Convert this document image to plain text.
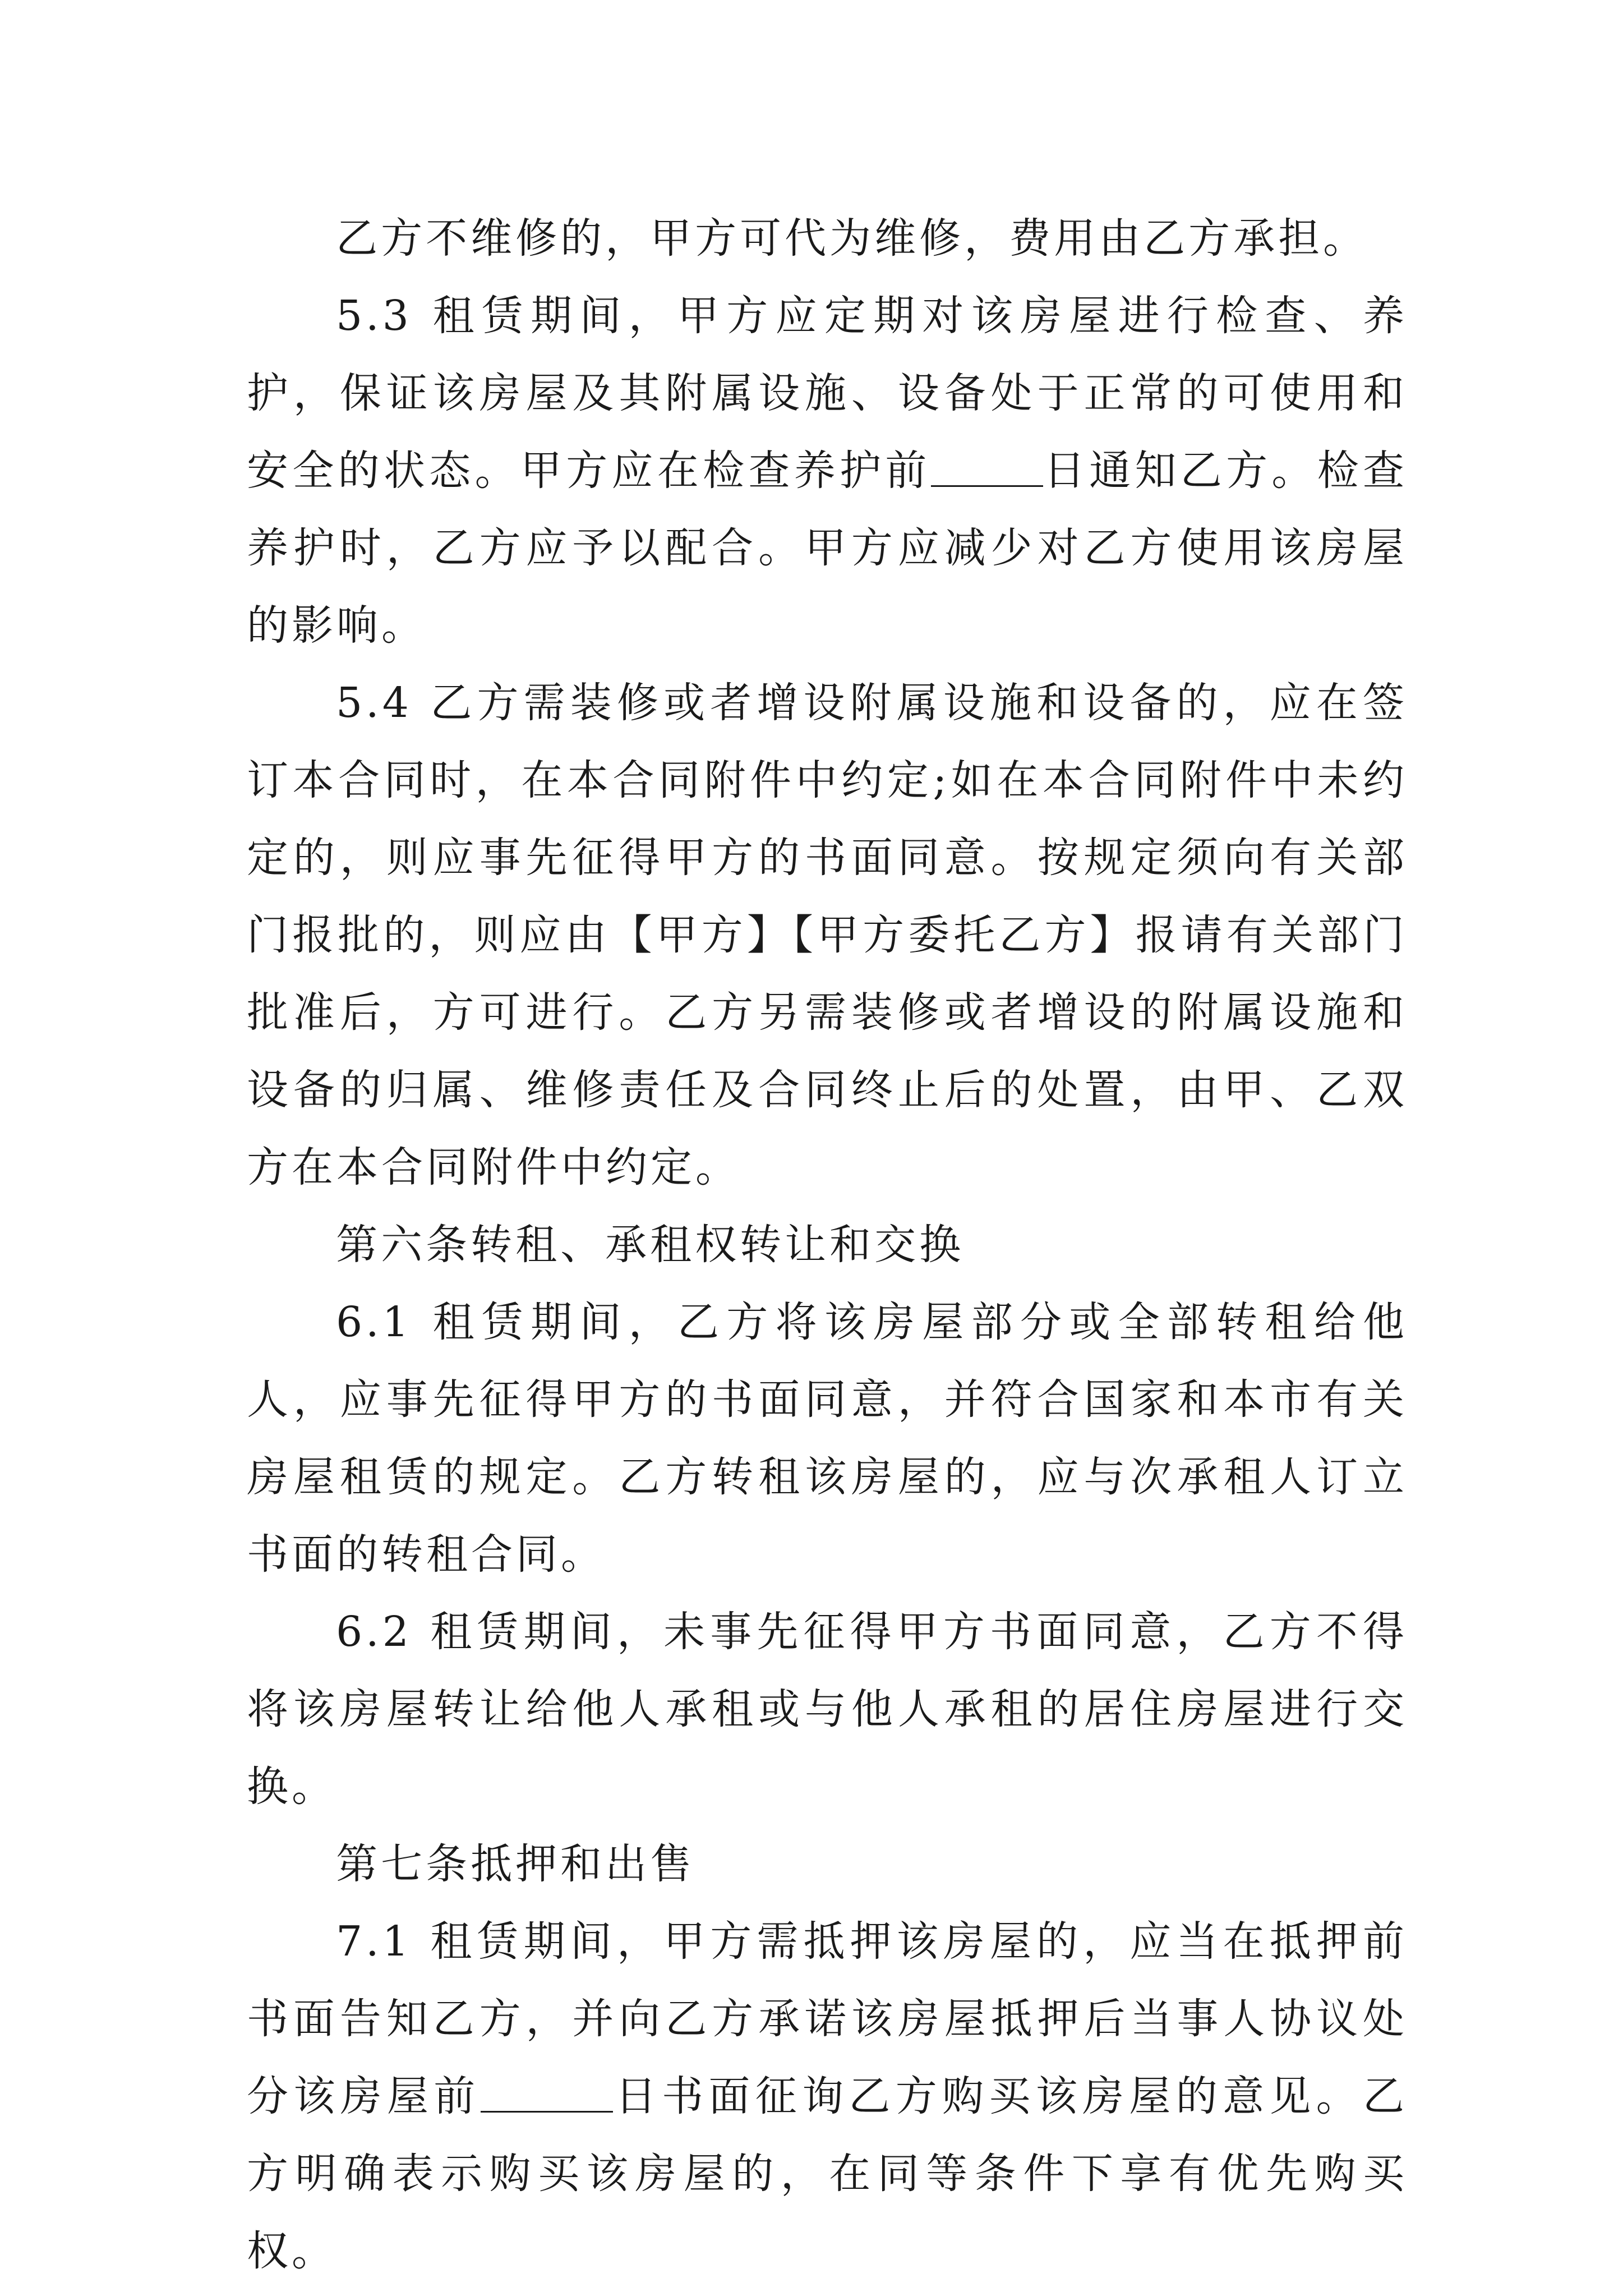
乙方不维修的，甲方可代为维修，费用由乙方承担。

5.3 租赁期间，甲方应定期对该房屋进行检查、养护，保证该房屋及其附属设施、设备处于正常的可使用和安全的状态。甲方应在检查养护前	日通知乙方。检查养护时，乙方应予以配合。甲方应减少对乙方使用该房屋的影响。

5.4 乙方需装修或者增设附属设施和设备的，应在签订本合同时，在本合同附件中约定;如在本合同附件中未约定的，则应事先征得甲方的书面同意。按规定须向有关部门报批的，则应由【甲方】【甲方委托乙方】报请有关部门批准后，方可进行。乙方另需装修或者增设的附属设施和设备的归属、维修责任及合同终止后的处置，由甲、乙双方在本合同附件中约定。

第六条转租、承租权转让和交换

6.1 租赁期间，乙方将该房屋部分或全部转租给他人，应事先征得甲方的书面同意，并符合国家和本市有关房屋租赁的规定。乙方转租该房屋的，应与次承租人订立书面的转租合同。

6.2 租赁期间，未事先征得甲方书面同意，乙方不得将该房屋转让给他人承租或与他人承租的居住房屋进行交换。

第七条抵押和出售

7.1 租赁期间，甲方需抵押该房屋的，应当在抵押前书面告知乙方，并向乙方承诺该房屋抵押后当事人协议处分该房屋前	日书面征询乙方购买该房屋的意见。乙方明确表示购买该房屋的，在同等条件下享有优先购买权。
